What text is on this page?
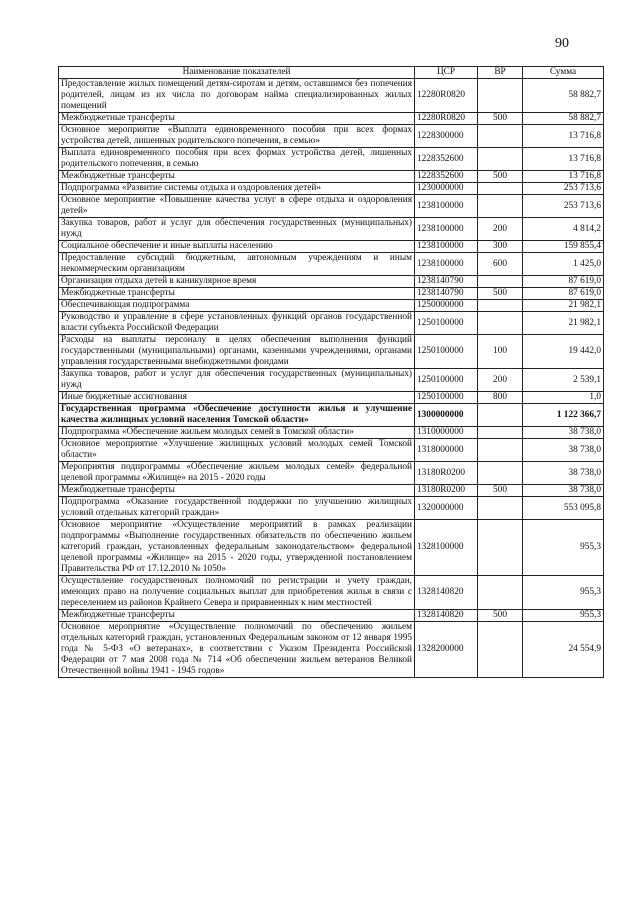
90
Наименование показателей	ЦСР	ВР	Сумма
Предоставление жилых помещений детям-сиротам и детям, оставшимся без попечения родителей, лицам из их числа по договорам найма специализированных жилых помещений	12280R0820		58 882,7
Межбюджетные трансферты	12280R0820	500	58 882,7
Основное мероприятие «Выплата единовременного пособия при всех формах устройства детей, лишенных родительского попечения, в семью»	1228300000		13 716,8
Выплата единовременного пособия при всех формах устройства детей, лишенных родительского попечения, в семью	1228352600		13 716,8
Межбюджетные трансферты	1228352600	500	13 716,8
Подпрограмма «Развитие системы отдыха и оздоровления детей»	1230000000		253 713,6
Основное мероприятие «Повышение качества услуг в сфере отдыха и оздоровления детей»	1238100000		253 713,6
Закупка товаров, работ и услуг для обеспечения государственных (муниципальных) нужд	1238100000	200	4 814,2
Социальное обеспечение и иные выплаты населению	1238100000	300	159 855,4
Предоставление субсидий бюджетным, автономным учреждениям и иным некоммерческим организациям	1238100000	600	1 425,0
Организация отдыха детей в каникулярное время	1238140790		87 619,0
Межбюджетные трансферты	1238140790	500	87 619,0
Обеспечивающая подпрограмма	1250000000		21 982,1
Руководство и управление в сфере установленных функций органов государственной власти субъекта Российской Федерации	1250100000		21 982,1
Расходы на выплаты персоналу в целях обеспечения выполнения функций государственными (муниципальными) органами, казенными учреждениями, органами управления государственными внебюджетными фондами	1250100000	100	19 442,0
Закупка товаров, работ и услуг для обеспечения государственных (муниципальных) нужд	1250100000	200	2 539,1
Иные бюджетные ассигнования	1250100000	800	1,0
Государственная программа «Обеспечение доступности жилья и улучшение качества жилищных условий населения Томской области»	1300000000		1 122 366,7
Подпрограмма «Обеспечение жильем молодых семей в Томской области»	1310000000		38 738,0
Основное мероприятие «Улучшение жилищных условий молодых семей Томской области»	1318000000		38 738,0
Мероприятия подпрограммы «Обеспечение жильем молодых семей» федеральной целевой программы «Жилище» на 2015 - 2020 годы	13180R0200		38 738,0
Межбюджетные трансферты	13180R0200	500	38 738,0
Подпрограмма «Оказание государственной поддержки по улучшению жилищных условий отдельных категорий граждан»	1320000000		553 095,8
Основное мероприятие «Осуществление мероприятий в рамках реализации подпрограммы «Выполнение государственных обязательств по обеспечению жильем категорий граждан, установленных федеральным законодательством» федеральной целевой программы «Жилище» на 2015 - 2020 годы, утвержденной постановлением Правительства РФ от 17.12.2010 № 1050»	1328100000		955,3
Осуществление государственных полномочий по регистрации и учету граждан, имеющих право на получение социальных выплат для приобретения жилья в связи с переселением из районов Крайнего Севера и приравненных к ним местностей	1328140820		955,3
Межбюджетные трансферты	1328140820	500	955,3
Основное мероприятие «Осуществление полномочий по обеспечению жильем отдельных категорий граждан, установленных Федеральным законом от 12 января 1995 года № 5-ФЗ «О ветеранах», в соответствии с Указом Президента Российской Федерации от 7 мая 2008 года № 714 «Об обеспечении жильем ветеранов Великой Отечественной войны 1941 - 1945 годов»	1328200000		24 554,9
